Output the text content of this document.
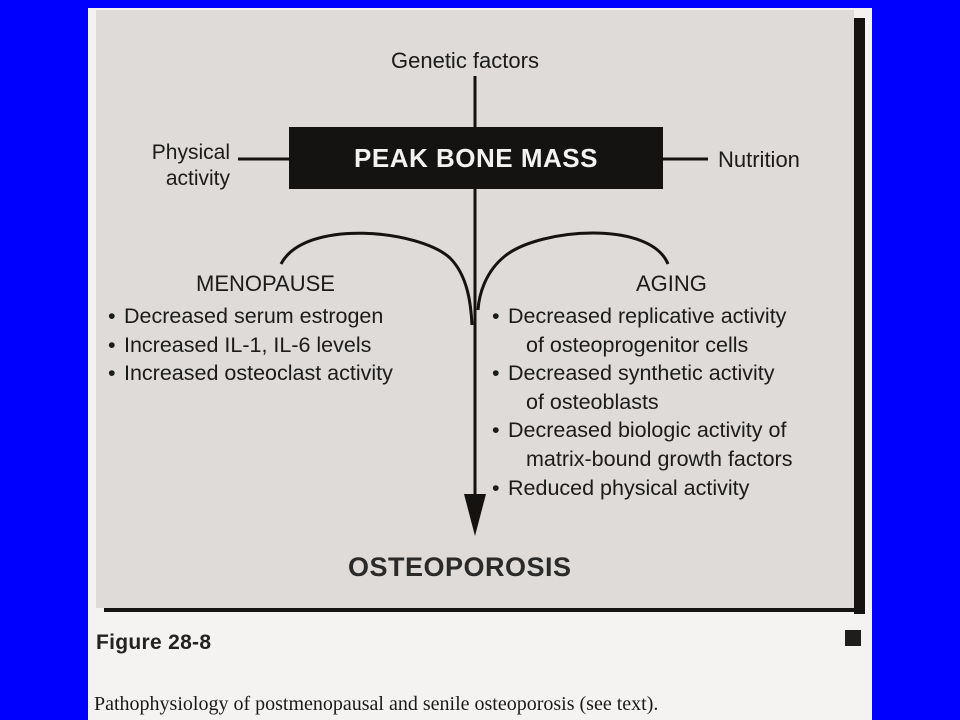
Genetic factors
Physical
activity
Nutrition
PEAK BONE MASS
MENOPAUSE	AGING
• Decreased serum estrogen
• Increased IL-1, IL-6 levels
• Increased osteoclast activity
• Decreased replicative activity
of osteoprogenitor cells
• Decreased synthetic activity
of osteoblasts
• Decreased biologic activity of
matrix-bound growth factors
• Reduced physical activity
OSTEOPOROSIS
Figure 28-8
Pathophysiology of postmenopausal and senile osteoporosis (see text).
